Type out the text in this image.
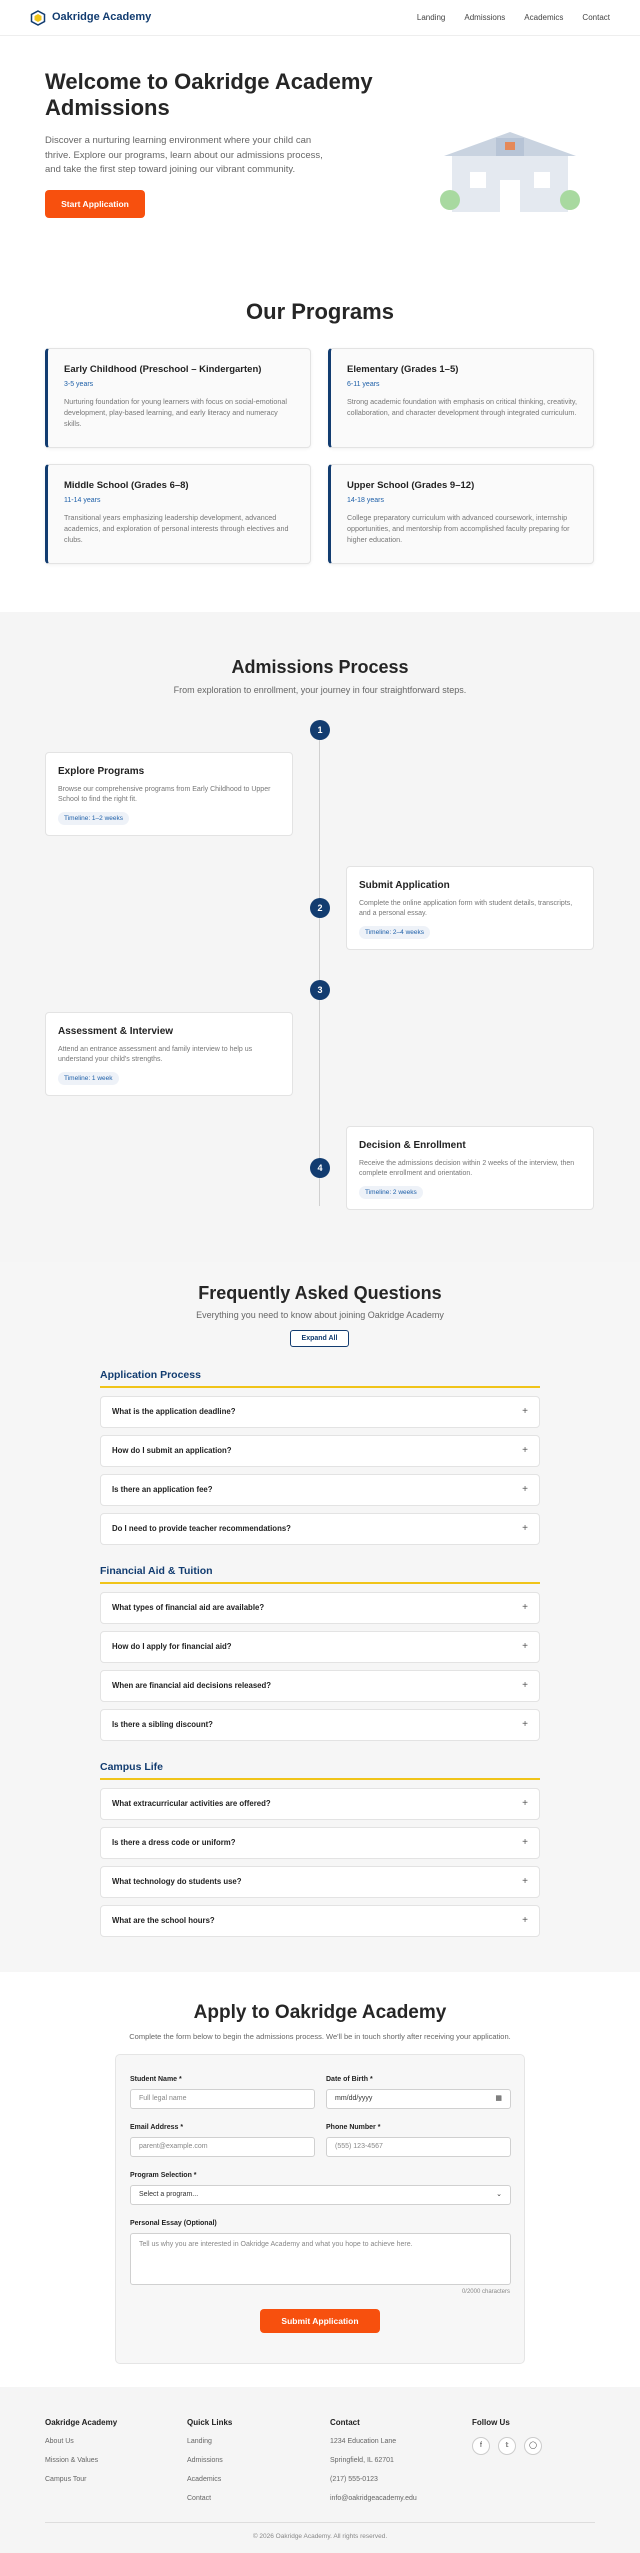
Oakridge Academy	Landing Admissions Academics Contact
Welcome to Oakridge Academy Admissions

Discover a nurturing learning environment where your child can thrive. Explore our programs, learn about our admissions process, and take the first step toward joining our vibrant community.

Start Application
Our Programs
Early Childhood (Preschool – Kindergarten)
3-5 years

Nurturing foundation for young learners with focus on social-emotional development, play-based learning, and early literacy and numeracy skills.

Elementary (Grades 1–5)
6-11 years

Strong academic foundation with emphasis on critical thinking, creativity, collaboration, and character development through integrated curriculum.

Middle School (Grades 6–8)
11-14 years

Transitional years emphasizing leadership development, advanced academics, and exploration of personal interests through electives and clubs.

Upper School (Grades 9–12)
14-18 years

College preparatory curriculum with advanced coursework, internship opportunities, and mentorship from accomplished faculty preparing for higher education.

Admissions Process

From exploration to enrollment, your journey in four straightforward steps.

1
Explore Programs

Browse our comprehensive programs from Early Childhood to Upper School to find the right fit.

Timeline: 1–2 weeks
2
Submit Application

Complete the online application form with student details, transcripts, and a personal essay.

Timeline: 2–4 weeks
3
Assessment & Interview

Attend an entrance assessment and family interview to help us understand your child's strengths.

Timeline: 1 week
4
Decision & Enrollment

Receive the admissions decision within 2 weeks of the interview, then complete enrollment and orientation.

Timeline: 2 weeks
Frequently Asked Questions

Everything you need to know about joining Oakridge Academy

Expand All
Application Process
What is the application deadline?	+
How do I submit an application?	+
Is there an application fee?	+
Do I need to provide teacher recommendations?	+
Financial Aid & Tuition
What types of financial aid are available?	+
How do I apply for financial aid?	+
When are financial aid decisions released?	+
Is there a sibling discount?	+
Campus Life
What extracurricular activities are offered?	+
Is there a dress code or uniform?	+
What technology do students use?	+
What are the school hours?	+
Apply to Oakridge Academy

Complete the form below to begin the admissions process. We'll be in touch shortly after receiving your application.

Student Name *
Full legal name
Date of Birth *
mm/dd/yyyy	▦
Email Address *
parent@example.com
Phone Number *
(555) 123-4567
Program Selection *
Select a program...	⌄
Personal Essay (Optional)
Tell us why you are interested in Oakridge Academy and what you hope to achieve here.
0/2000 characters
Submit Application
Oakridge Academy
About Us
Mission & Values
Campus Tour
Quick Links
Landing
Admissions
Academics
Contact
Contact
1234 Education Lane
Springfield, IL 62701
(217) 555-0123
info@oakridgeacademy.edu
Follow Us
f	𝕥	◯
© 2026 Oakridge Academy. All rights reserved.
